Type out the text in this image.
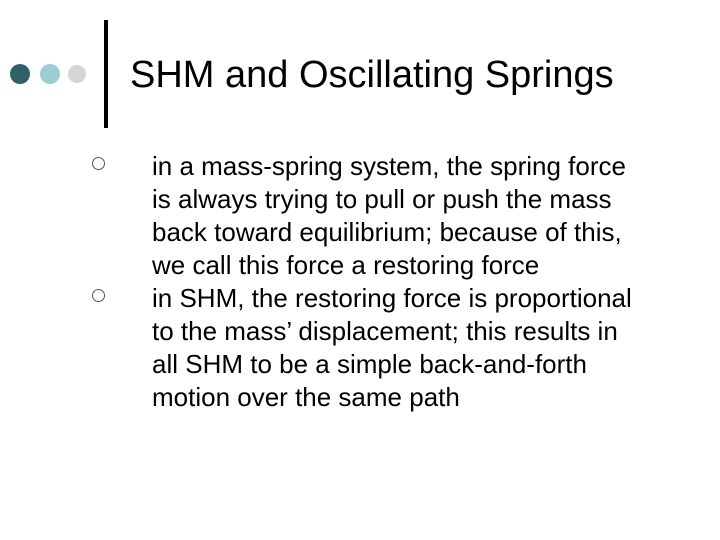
SHM and Oscillating Springs
in a mass-spring system, the spring force is always trying to pull or push the mass back toward equilibrium; because of this, we call this force a restoring force
in SHM, the restoring force is proportional to the mass’ displacement; this results in all SHM to be a simple back-and-forth motion over the same path
